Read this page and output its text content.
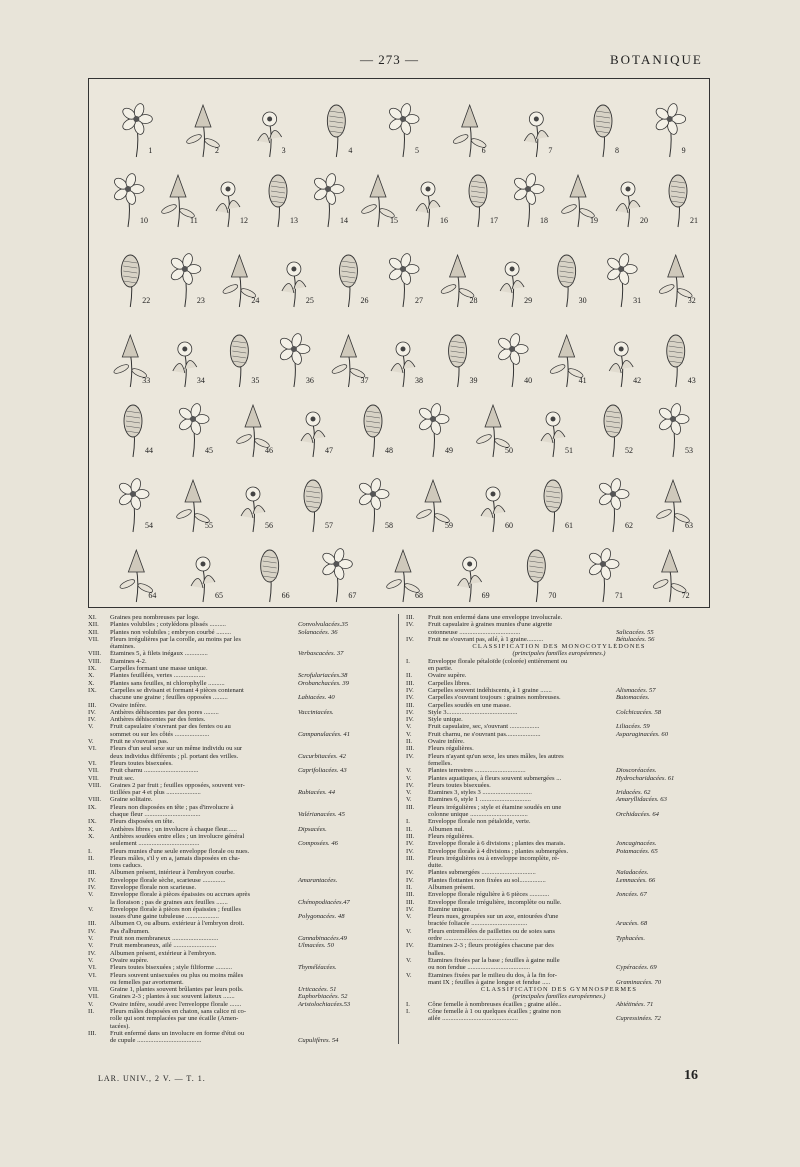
— 273 —	BOTANIQUE
1	2	3	4	5	6	7	8	9
10	11	12	13	14	15	16	17	18	19	20	21
22	23	24	25	26	27	28	29	30	31	32
33	34	35	36	37	38	39	40	41	42	43
44	45	46	47	48	49	50	51	52	53
54	55	56	57	58	59	60	61	62	63
64	65	66	67	68	69	70	71	72
XI.	Graines peu nombreuses par loge.
XII.	Plantes volubiles ; cotylédons plissés ..........	Convolvulacées.35
XII.	Plantes non volubiles ; embryon courbé .........	Solanacées. 36
VII.	Fleurs irrégulières par la corolle, au moins par les
étamines.
VIII.	Étamines 5, à filets inégaux ..............	Verbascacées. 37
VIII.	Étamines 4-2.
IX.	Carpelles formant une masse unique.
X.	Plantes feuillées, vertes ...................	Scrofulariacées.38
X.	Plantes sans feuilles, ni chlorophylle ..........	Orobanchacées. 39
IX.	Carpelles se divisant et formant 4 pièces contenant
chacune une graine ; feuilles opposées .........	Labiacées. 40
III.	Ovaire infère.
IV.	Anthères déhiscentes par des pores .........	Vacciniacées.
IV.	Anthères déhiscentes par des fentes.
V.	Fruit capsulaire s'ouvrant par des fentes ou au
sommet ou sur les côtés .....................	Campanulacées. 41
V.	Fruit ne s'ouvrant pas.
VI.	Fleurs d'un seul sexe sur un même individu ou sur
deux individus différents ; pl. portant des vrilles.	Cucurbitacées. 42
VI.	Fleurs toutes bisexuées.
VII.	Fruit charnu .................................	Caprifoliacées. 43
VII.	Fruit sec.
VIII.	Graines 2 par fruit ; feuilles opposées, souvent ver-
ticillées par 4 et plus .....................	Rubiacées. 44
VIII.	Graine solitaire.
IX.	Fleurs non disposées en tête ; pas d'involucre à
chaque fleur ..................................	Valérianacées. 45
IX.	Fleurs disposées en tête.
X.	Anthères libres ; un involucre à chaque fleur......	Dipsacées.
X.	Anthères soudées entre elles ; un involucre général
seulement .....................................	Composées. 46
I.	Fleurs munies d'une seule enveloppe florale ou nues.
II.	Fleurs mâles, s'il y en a, jamais disposées en cha-
tons caducs.
III.	Albumen présent, intérieur à l'embryon courbe.
IV.	Enveloppe florale sèche, scarieuse ..............	Amarantacées.
IV.	Enveloppe florale non scarieuse.
V.	Enveloppe florale à pièces épaissies ou accrues après
la floraison ; pas de graines aux feuilles .......	Chénopodiacées.47
V.	Enveloppe florale à pièces non épaissies ; feuilles
issues d'une gaine tubuleuse ....................	Polygonacées. 48
III.	Albumen O, ou album. extérieur à l'embryon droit.
IV.	Pas d'albumen.
V.	Fruit non membraneux ............................	Cannabinacées.49
V.	Fruit membraneux, ailé ..........................	Ulmacées. 50
IV.	Albumen présent, extérieur à l'embryon.
V.	Ovaire supère.
VI.	Fleurs toutes bisexuées ; style filiforme ..........	Thyméléacées.
VI.	Fleurs souvent unisexuées ou plus ou moins mâles
ou femelles par avortement.
VII.	Graine 1, plantes souvent brûlantes par leurs poils.	Urticacées. 51
VII.	Graines 2-3 ; plantes à suc souvent laiteux .......	Euphorbiacées. 52
V.	Ovaire infère, soudé avec l'enveloppe florale .......	Aristolochiacées.53
II.	Fleurs mâles disposées en chaton, sans calice ni co-
rolle qui sont remplacées par une écaille (Amen-
tacées).
III.	Fruit enfermé dans un involucre en forme d'étui ou
de cupule .......................................	Cupulifères. 54
III.	Fruit non enfermé dans une enveloppe involucrale.
IV.	Fruit capsulaire à graines munies d'une aigrette
cotonneuse .....................................	Salicacées. 55
IV.	Fruit ne s'ouvrant pas, ailé, à 1 graine..........	Bétulacées. 56
CLASSIFICATION DES MONOCOTYLÉDONES
(principales familles européennes.)
I.	Enveloppe florale pétaloïde (colorée) entièrement ou
en partie.
II.	Ovaire supère.
III.	Carpelles libres.
IV.	Carpelles souvent indéhiscents, à 1 graine .......	Alismacées. 57
IV.	Carpelles s'ouvrant toujours : graines nombreuses.	Butomacées.
III.	Carpelles soudés en une masse.
IV.	Style 3...........................................	Colchicacées. 58
IV.	Style unique.
V.	Fruit capsulaire, sec, s'ouvrant ..................	Liliacées. 59
V.	Fruit charnu, ne s'ouvrant pas.....................	Asparaginacées. 60
II.	Ovaire infère.
III.	Fleurs régulières.
IV.	Fleurs n'ayant qu'un sexe, les unes mâles, les autres
femelles.
V.	Plantes terrestres ...............................	Dioscoréacées.
V.	Plantes aquatiques, à fleurs souvent submergées ...	Hydrocharidacées. 61
IV.	Fleurs toutes bisexuées.
V.	Étamines 3, styles 3 ..............................	Iridacées. 62
V.	Étamines 6, style 1 ...............................	Amaryllidacées. 63
III.	Fleurs irrégulières ; style et étamine soudés en une
colonne unique ...................................	Orchidacées. 64
I.	Enveloppe florale non pétaloïde, verte.
II.	Albumen nul.
III.	Fleurs régulières.
IV.	Enveloppe florale à 6 divisions ; plantes des marais.	Joncaginacées.
IV.	Enveloppe florale à 4 divisions ; plantes submergées.	Potamacées. 65
III.	Fleurs irrégulières ou à enveloppe incomplète, ré-
duite.
IV.	Plantes submergées .................................	Naïadacées.
IV.	Plantes flottantes non fixées au sol................	Lemnacées. 66
II.	Albumen présent.
III.	Enveloppe florale régulière à 6 pièces ............	Joncées. 67
III.	Enveloppe florale irrégulière, incomplète ou nulle.
IV.	Étamine unique.
V.	Fleurs nues, groupées sur un axe, entourées d'une
bractée foliacée ..................................	Aracées. 68
V.	Fleurs entremêlées de paillettes ou de soies sans
ordre .............................................	Typhacées.
IV.	Étamines 2-3 ; fleurs protégées chacune par des
balles.
V.	Étamines fixées par la base ; feuilles à gaine nulle
ou non fendue ......................................	Cypéracées. 69
V.	Étamines fixées par le milieu du dos, à la fin for-
mant IX ; feuilles à gaine longue et fendue .....	Graminacées. 70
CLASSIFICATION DES GYMNOSPERMES
(principales familles européennes.)
I.	Cône femelle à nombreuses écailles ; graine ailée..	Abiétinées. 71
I.	Cône femelle à 1 ou quelques écailles ; graine non
ailée ..............................................	Cupressinées. 72
LAR. UNIV., 2 V. — T. 1.	16
